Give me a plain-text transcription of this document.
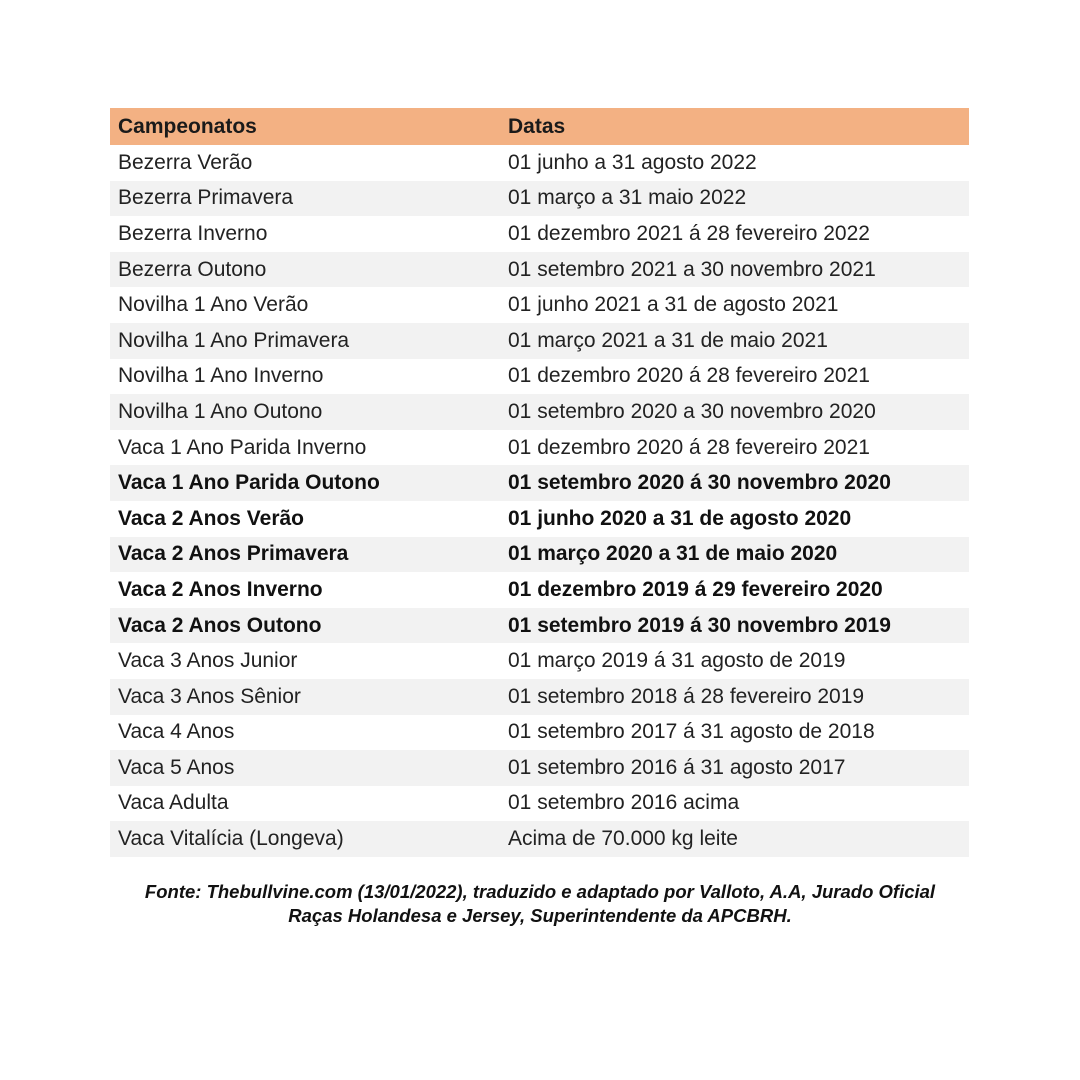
Campeonatos	Datas
Bezerra Verão	01 junho a 31 agosto 2022
Bezerra Primavera	01 março a 31 maio 2022
Bezerra Inverno	01 dezembro 2021 á 28 fevereiro 2022
Bezerra Outono	01 setembro 2021 a 30 novembro 2021
Novilha 1 Ano Verão	01 junho 2021 a 31 de agosto 2021
Novilha 1 Ano Primavera	01 março 2021 a 31 de maio 2021
Novilha 1 Ano Inverno	01 dezembro 2020 á 28 fevereiro 2021
Novilha 1 Ano Outono	01 setembro 2020 a 30 novembro 2020
Vaca 1 Ano Parida Inverno	01 dezembro 2020 á 28 fevereiro 2021
Vaca 1 Ano Parida Outono	01 setembro 2020 á 30 novembro 2020
Vaca 2 Anos Verão	01 junho 2020 a 31 de agosto 2020
Vaca 2 Anos Primavera	01 março 2020 a 31 de maio 2020
Vaca 2 Anos Inverno	01 dezembro 2019 á 29 fevereiro 2020
Vaca 2 Anos Outono	01 setembro 2019 á 30 novembro 2019
Vaca 3 Anos Junior	01 março 2019 á 31 agosto de 2019
Vaca 3 Anos Sênior	01 setembro 2018 á 28 fevereiro 2019
Vaca 4 Anos	01 setembro 2017 á 31 agosto de 2018
Vaca 5 Anos	01 setembro 2016 á 31 agosto 2017
Vaca Adulta	01 setembro 2016 acima
Vaca Vitalícia (Longeva)	Acima de 70.000 kg leite
Fonte: Thebullvine.com (13/01/2022), traduzido e adaptado por Valloto, A.A, Jurado Oficial
Raças Holandesa e Jersey, Superintendente da APCBRH.
